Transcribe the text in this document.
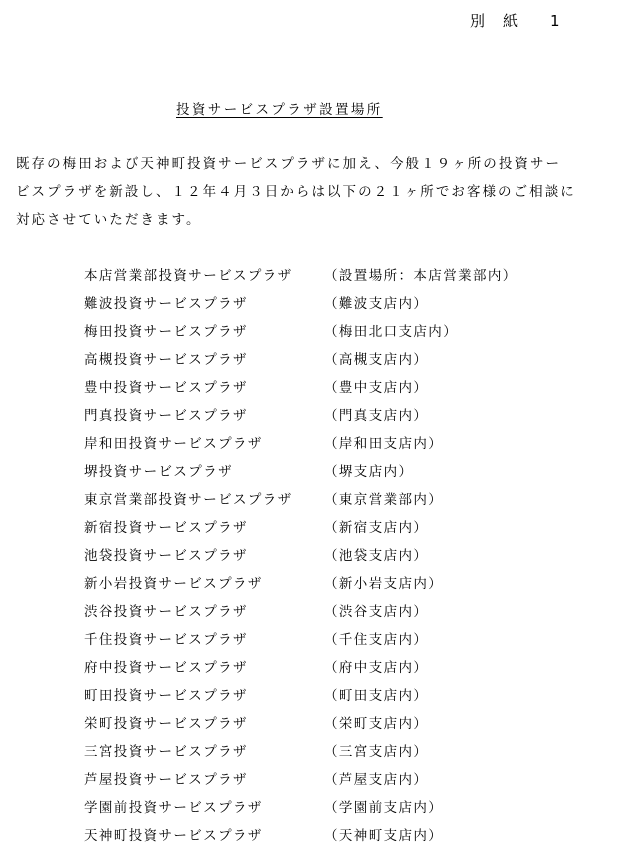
別 紙 1
投資サービスプラザ設置場所
既存の梅田および天神町投資サービスプラザに加え、今般１９ヶ所の投資サー
ビスプラザを新設し、１２年４月３日からは以下の２１ヶ所でお客様のご相談に
対応させていただきます。
本店営業部投資サービスプラザ （設置場所：本店営業部内）
難波投資サービスプラザ	（難波支店内）
梅田投資サービスプラザ	（梅田北口支店内）
高槻投資サービスプラザ	（高槻支店内）
豊中投資サービスプラザ	（豊中支店内）
門真投資サービスプラザ	（門真支店内）
岸和田投資サービスプラザ	（岸和田支店内）
堺投資サービスプラザ	（堺支店内）
東京営業部投資サービスプラザ （東京営業部内）
新宿投資サービスプラザ	（新宿支店内）
池袋投資サービスプラザ	（池袋支店内）
新小岩投資サービスプラザ	（新小岩支店内）
渋谷投資サービスプラザ	（渋谷支店内）
千住投資サービスプラザ	（千住支店内）
府中投資サービスプラザ	（府中支店内）
町田投資サービスプラザ	（町田支店内）
栄町投資サービスプラザ	（栄町支店内）
三宮投資サービスプラザ	（三宮支店内）
芦屋投資サービスプラザ	（芦屋支店内）
学園前投資サービスプラザ	（学園前支店内）
天神町投資サービスプラザ	（天神町支店内）
